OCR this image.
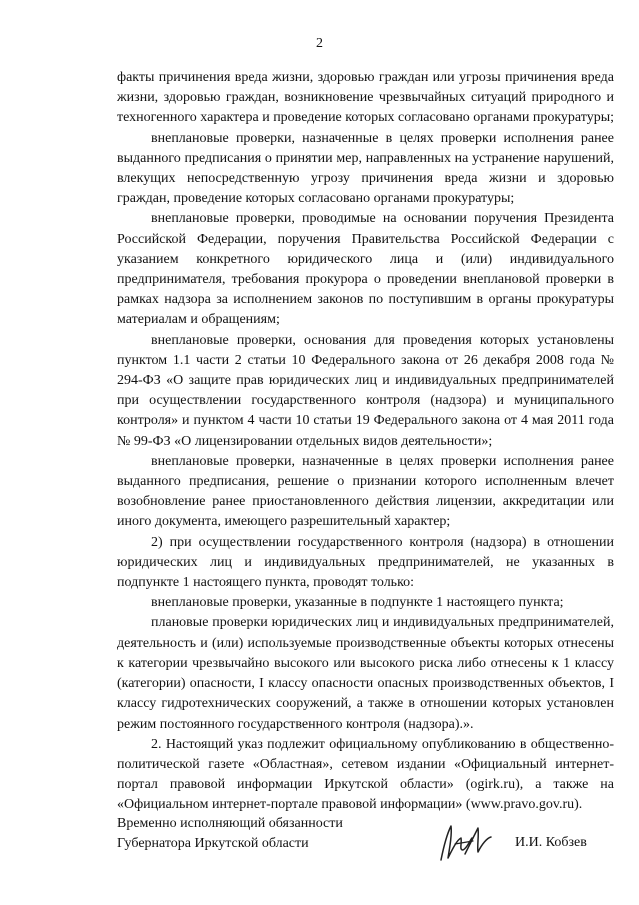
2

факты причинения вреда жизни, здоровью граждан или угрозы причинения вреда жизни, здоровью граждан, возникновение чрезвычайных ситуаций природного и техногенного характера и проведение которых согласовано органами прокуратуры;

внеплановые проверки, назначенные в целях проверки исполнения ранее выданного предписания о принятии мер, направленных на устранение нарушений, влекущих непосредственную угрозу причинения вреда жизни и здоровью граждан, проведение которых согласовано органами прокуратуры;

внеплановые проверки, проводимые на основании поручения Президента Российской Федерации, поручения Правительства Российской Федерации с указанием конкретного юридического лица и (или) индивидуального предпринимателя, требования прокурора о проведении внеплановой проверки в рамках надзора за исполнением законов по поступившим в органы прокуратуры материалам и обращениям;

внеплановые проверки, основания для проведения которых установлены пунктом 1.1 части 2 статьи 10 Федерального закона от 26 декабря 2008 года № 294-ФЗ «О защите прав юридических лиц и индивидуальных предпринимателей при осуществлении государственного контроля (надзора) и муниципального контроля» и пунктом 4 части 10 статьи 19 Федерального закона от 4 мая 2011 года № 99-ФЗ «О лицензировании отдельных видов деятельности»;

внеплановые проверки, назначенные в целях проверки исполнения ранее выданного предписания, решение о признании которого исполненным влечет возобновление ранее приостановленного действия лицензии, аккредитации или иного документа, имеющего разрешительный характер;

2) при осуществлении государственного контроля (надзора) в отношении юридических лиц и индивидуальных предпринимателей, не указанных в подпункте 1 настоящего пункта, проводят только:

внеплановые проверки, указанные в подпункте 1 настоящего пункта;

плановые проверки юридических лиц и индивидуальных предпринимателей, деятельность и (или) используемые производственные объекты которых отнесены к категории чрезвычайно высокого или высокого риска либо отнесены к 1 классу (категории) опасности, I классу опасности опасных производственных объектов, I классу гидротехнических сооружений, а также в отношении которых установлен режим постоянного государственного контроля (надзора).».

2. Настоящий указ подлежит официальному опубликованию в общественно-политической газете «Областная», сетевом издании «Официальный интернет-портал правовой информации Иркутской области» (ogirk.ru), а также на «Официальном интернет-портале правовой информации» (www.pravo.gov.ru).

Временно исполняющий обязанности
Губернатора Иркутской области	И.И. Кобзев
